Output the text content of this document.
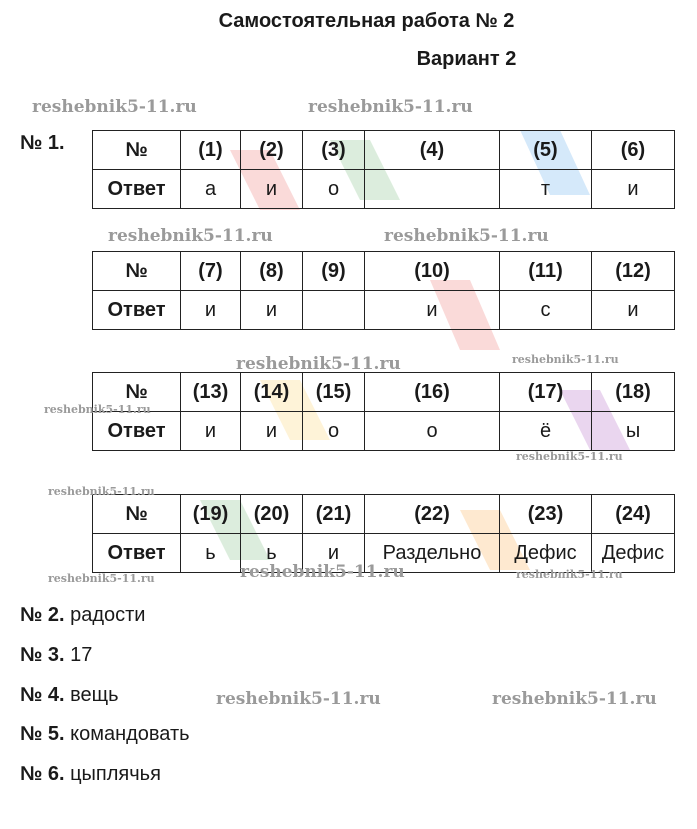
Самостоятельная работа № 2
Вариант 2
№ 1.	№	(1)	(2)	(3)	(4)	(5)	(6)
Ответ	а	и	о		т	и
№	(7)	(8)	(9)	(10)	(11)	(12)
Ответ	и	и		и	с	и
№	(13)	(14)	(15)	(16)	(17)	(18)
Ответ	и	и	о	о	ё	ы
№	(19)	(20)	(21)	(22)	(23)	(24)
Ответ	ь	ь	и	Раздельно	Дефис	Дефис
№ 2. радости
№ 3. 17
№ 4. вещь
№ 5. командовать
№ 6. цыплячья
reshebnik5-11.ru	reshebnik5-11.ru
reshebnik5-11.ru	reshebnik5-11.ru
reshebnik5-11.ru	reshebnik5-11.ru
reshebnik5-11.ru
reshebnik5-11.ru
reshebnik5-11.ru
reshebnik5-11.ru	reshebnik5-11.ru	reshebnik5-11.ru
reshebnik5-11.ru	reshebnik5-11.ru
